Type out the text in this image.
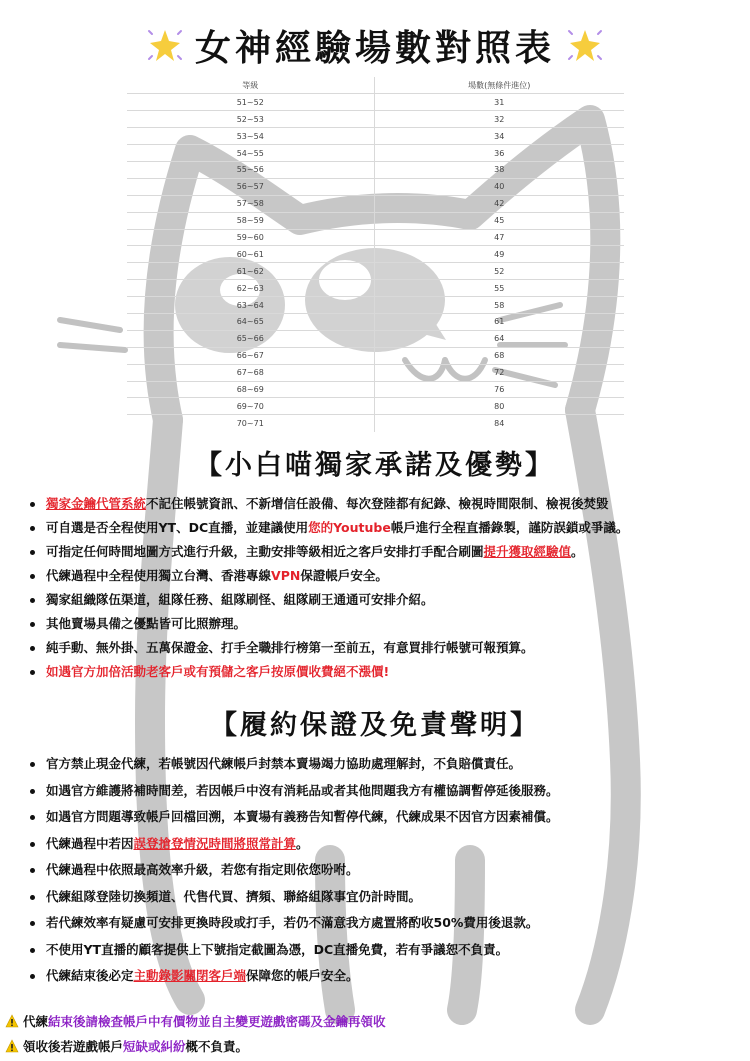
女神經驗場數對照表
等級	場數(無條件進位)
51~52	31
52~53	32
53~54	34
54~55	36
55~56	38
56~57	40
57~58	42
58~59	45
59~60	47
60~61	49
61~62	52
62~63	55
63~64	58
64~65	61
65~66	64
66~67	68
67~68	72
68~69	76
69~70	80
70~71	84
【小白喵獨家承諾及優勢】
獨家金鑰代管系統不記住帳號資訊、不新增信任設備、每次登陸都有紀錄、檢視時間限制、檢視後焚毀
可自選是否全程使用YT、DC直播，並建議使用您的Youtube帳戶進行全程直播錄製，謹防誤鎖或爭議。
可指定任何時間地圖方式進行升級，主動安排等級相近之客戶安排打手配合刷圖提升獲取經驗值。
代練過程中全程使用獨立台灣、香港專線VPN保證帳戶安全。
獨家組織隊伍渠道，組隊任務、組隊刷怪、組隊刷王通通可安排介紹。
其他賣場具備之優點皆可比照辦理。
純手動、無外掛、五萬保證金、打手全職排行榜第一至前五，有意買排行帳號可報預算。
如遇官方加倍活動老客戶或有預儲之客戶按原價收費絕不漲價!
【履約保證及免責聲明】
官方禁止現金代練，若帳號因代練帳戶封禁本賣場竭力協助處理解封，不負賠償責任。
如遇官方維護將補時間差，若因帳戶中沒有消耗品或者其他問題我方有權協調暫停延後服務。
如遇官方問題導致帳戶回檔回溯，本賣場有義務告知暫停代練，代練成果不因官方因素補償。
代練過程中若因誤登搶登情況時間將照常計算。
代練過程中依照最高效率升級，若您有指定則依您吩咐。
代練組隊登陸切換頻道、代售代買、擠頻、聯絡組隊事宜仍計時間。
若代練效率有疑慮可安排更換時段或打手，若仍不滿意我方處置將酌收50%費用後退款。
不使用YT直播的顧客提供上下號指定截圖為憑，DC直播免費，若有爭議恕不負責。
代練結束後必定主動錄影關閉客戶端保障您的帳戶安全。
代練結束後請檢查帳戶中有價物並自主變更遊戲密碼及金鑰再領收
領收後若遊戲帳戶短缺或糾紛概不負責。
